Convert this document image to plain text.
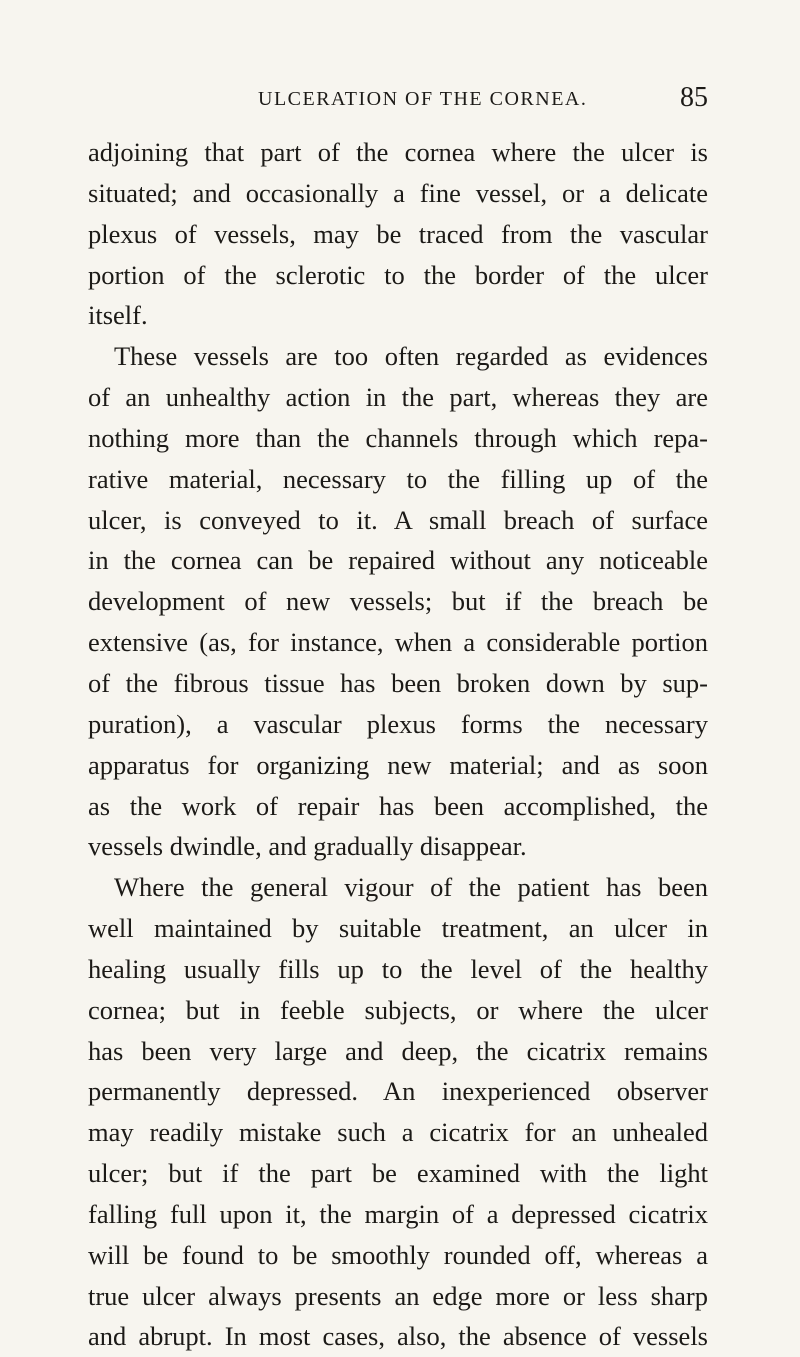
ULCERATION OF THE CORNEA.	85
adjoining that part of the cornea where the ulcer is
situated; and occasionally a fine vessel, or a delicate
plexus of vessels, may be traced from the vascular
portion of the sclerotic to the border of the ulcer
itself.
These vessels are too often regarded as evidences
of an unhealthy action in the part, whereas they are
nothing more than the channels through which repa-
rative material, necessary to the filling up of the
ulcer, is conveyed to it. A small breach of surface
in the cornea can be repaired without any noticeable
development of new vessels; but if the breach be
extensive (as, for instance, when a considerable portion
of the fibrous tissue has been broken down by sup-
puration), a vascular plexus forms the necessary
apparatus for organizing new material; and as soon
as the work of repair has been accomplished, the
vessels dwindle, and gradually disappear.
Where the general vigour of the patient has been
well maintained by suitable treatment, an ulcer in
healing usually fills up to the level of the healthy
cornea; but in feeble subjects, or where the ulcer
has been very large and deep, the cicatrix remains
permanently depressed. An inexperienced observer
may readily mistake such a cicatrix for an unhealed
ulcer; but if the part be examined with the light
falling full upon it, the margin of a depressed cicatrix
will be found to be smoothly rounded off, whereas a
true ulcer always presents an edge more or less sharp
and abrupt. In most cases, also, the absence of vessels
